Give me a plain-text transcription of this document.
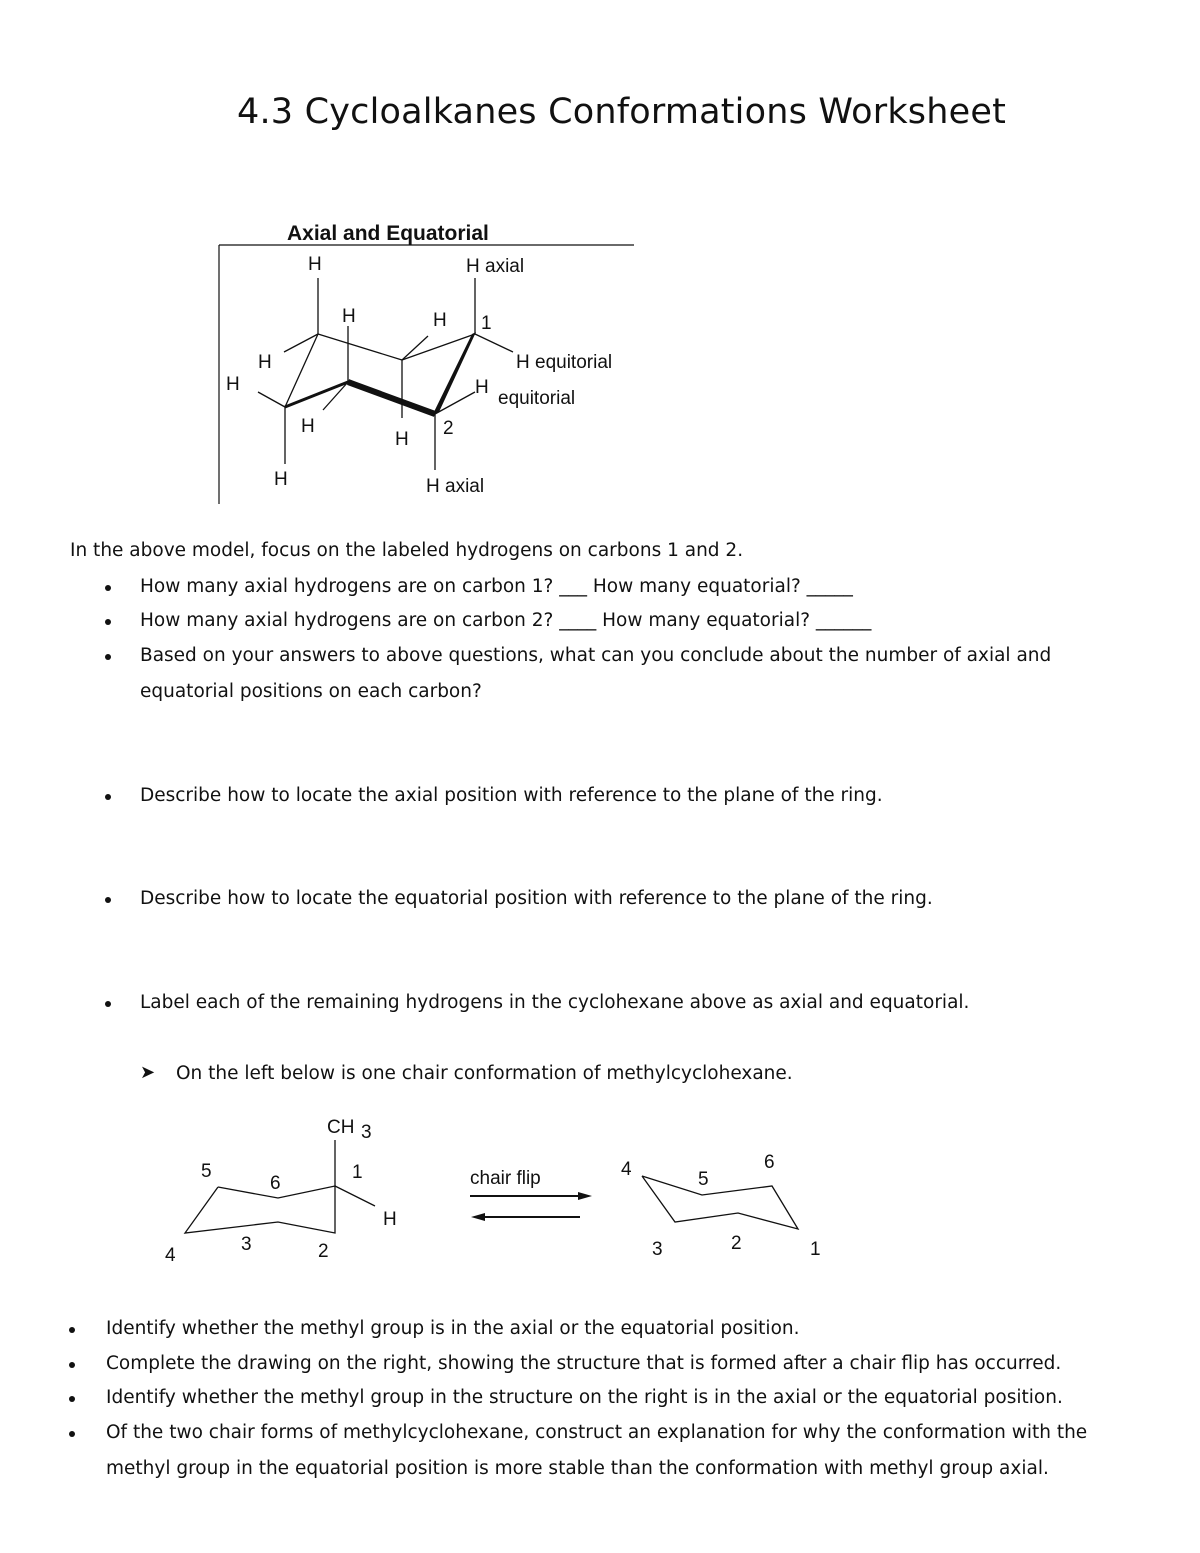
4.3 Cycloalkanes Conformations Worksheet
Axial and Equatorial
H	H axial
H	H 1
H
H
H equitorial
H
equitorial
H
H
2
H	H axial
In the above model, focus on the labeled hydrogens on carbons 1 and 2.
How many axial hydrogens are on carbon 1? ___ How many equatorial? _____
How many axial hydrogens are on carbon 2? ____ How many equatorial? ______
Based on your answers to above questions, what can you conclude about the number of axial and
equatorial positions on each carbon?
Describe how to locate the axial position with reference to the plane of the ring.
Describe how to locate the equatorial position with reference to the plane of the ring.
Label each of the remaining hydrogens in the cyclohexane above as axial and equatorial.
➤ On the left below is one chair conformation of methylcyclohexane.
CH 3
H
1
2
3
4
5
6	chair flip
1
2
3
4	5
6
Identify whether the methyl group is in the axial or the equatorial position.
Complete the drawing on the right, showing the structure that is formed after a chair flip has occurred.
Identify whether the methyl group in the structure on the right is in the axial or the equatorial position.
Of the two chair forms of methylcyclohexane, construct an explanation for why the conformation with the
methyl group in the equatorial position is more stable than the conformation with methyl group axial.
